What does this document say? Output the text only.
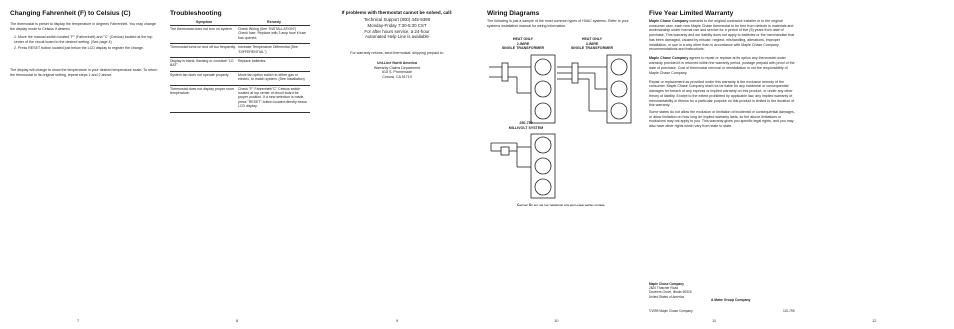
Changing Fahrenheit (F) to Celsius (C)

The thermostat is preset to display the temperature in degrees Fahrenheit. You may change the display mode to Celsius if desired.

1. Move the manual switch located "F" (Fahrenheit) and "C" (Celsius) located at the top center of the circuit board to the desired setting. (See page 4)

2. Press RESET button located just below the LCD display to register the change.

The display will change to show the temperature in your desired temperature scale. To return the thermostat to its original setting, repeat steps 1 and 2 above.

7
Troubleshooting
Symptom	Remedy
The thermostat does not turn on system	Check Wiring (See "INSTALLATION")
Check fuse. Replace with 3 amp fuse if fuse has opened.
Thermostat turns on and off too frequently.	Increase Temperature Differential (See "DIFFERENTIAL")
Display is blank, flashing or constant "LO BAT".	Replace batteries.
System fan does not operate properly.	Move fan option switch to either gas or electric, to match system. (See Installation)
Thermostat does not display proper room temperature.	Check "F" Fahrenheit/"C" Celsius switch located at top center of circuit board for proper position. If a new selection is made, press "RESET" button located directly below LCD display.
8
If problems with thermostat cannot be solved, call:
Technical Support (800) 445-9398
Monday-Friday 7:30-5:30 CST
For after hours service, a 24-hour
Automated Help Line is available

For warranty returns, send thermostat, shipping prepaid to:

Uni-Line North America
Warranty Claims Department
615 S. Promenade
Corona, CA 91719
9
Wiring Diagrams

The following is just a sample of the most common types of HVAC systems. Refer to your systems installation manual for wiring information.

HEAT ONLY
2-WIRE
SINGLE TRANSFORMER
HEAT ONLY
3-WIRE
SINGLE TRANSFORMER
250-750
MILLIVOLT SYSTEM

Caution: Do not use this thermostat with multi-stage heating systems.

10
Five Year Limited Warranty

Maple Chase Company warrants to the original contractor installer or to the original consumer user, each new Maple Chase thermostat to be free from defects in materials and workmanship under normal use and service for a period of five (5) years from date of purchase. This warranty and our liability does not apply to batteries or the merchandise that has been damaged, caused by misuse, neglect, mishandling, alterations, improper installation, or use in a way other than in accordance with Maple Chase Company recommendations and instructions.

Maple Chase Company agrees to repair or replace at its option any thermostat under warranty provided it is returned within the warranty period, postage prepaid with proof of the date of purchase. Cost of thermostat removal or reinstallation is not the responsibility of Maple Chase Company.

Repair or replacement as provided under this warranty is the exclusive remedy of the consumer. Maple Chase Company shall not be liable for any incidental or consequential damages for breach of any express or implied warranty on this product, or under any other theory of liability. Except to the extent prohibited by applicable law, any implied warranty of merchantability or fitness for a particular purpose on this product is limited to the duration of this warranty.

Some states do not allow the exclusion or limitation of incidental or consequential damages, or allow limitation on how long an implied warranty lasts, so the above limitations or exclusions may not apply to you. This warranty gives you specific legal rights, and you may also have other rights which vary from state to state.

Maple Chase Company
2820 Thatcher Road
Downers Grove, Illinois 60515
United States of America
A Mahe Group Company
©1999 Maple Chase Company	110-795
11	12
